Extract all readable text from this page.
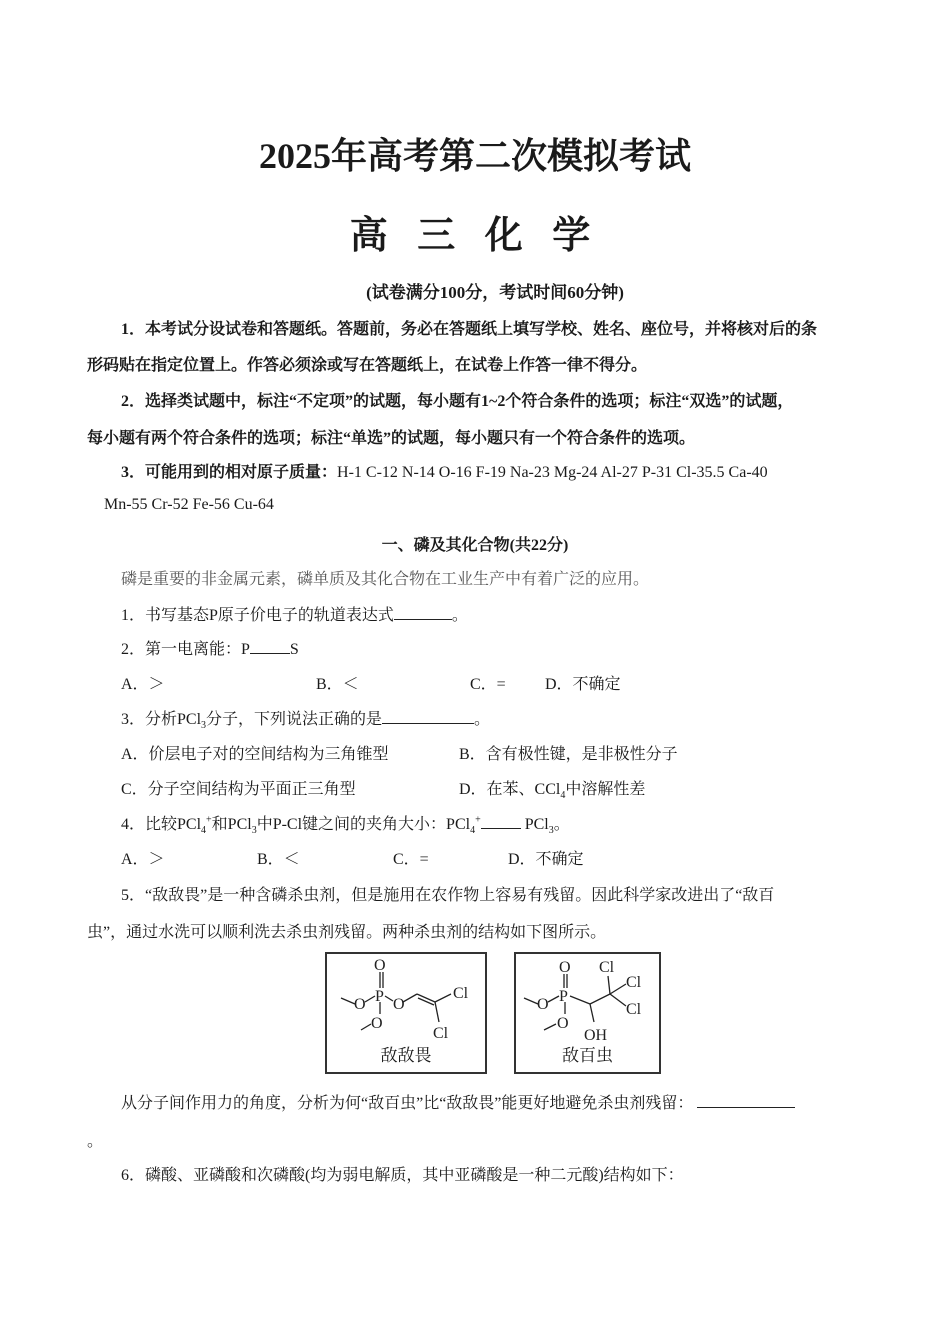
2025年高考第二次模拟考试
高 三 化 学
(试卷满分100分，考试时间60分钟)
1．本考试分设试卷和答题纸。答题前，务必在答题纸上填写学校、姓名、座位号，并将核对后的条
形码贴在指定位置上。作答必须涂或写在答题纸上，在试卷上作答一律不得分。
2．选择类试题中，标注“不定项”的试题，每小题有1~2个符合条件的选项；标注“双选”的试题，
每小题有两个符合条件的选项；标注“单选”的试题，每小题只有一个符合条件的选项。
3．可能用到的相对原子质量：H-1 C-12 N-14 O-16 F-19 Na-23 Mg-24 Al-27 P-31 Cl-35.5 Ca-40
Mn-55 Cr-52 Fe-56 Cu-64
一、磷及其化合物(共22分)
磷是重要的非金属元素，磷单质及其化合物在工业生产中有着广泛的应用。
1．书写基态P原子价电子的轨道表达式	。
2．第一电离能：P	S
A．＞	B．＜	C．= D．不确定
3．分析PCl$_3$分子，下列说法正确的是	。
A．价层电子对的空间结构为三角锥型	B．含有极性键，是非极性分子
C．分子空间结构为平面正三角型	D．在苯、CCl$_4$中溶解性差
4．比较PCl$_4$+和PCl$_3$中P-Cl键之间的夹角大小：PCl$_4$+	PCl$_3$。
A．＞	B．＜	C．=	D．不确定
5．“敌敌畏”是一种含磷杀虫剂，但是施用在农作物上容易有残留。因此科学家改进出了“敌百
虫”，通过水洗可以顺利洗去杀虫剂残留。两种杀虫剂的结构如下图所示。
O
P
O
O
Cl
Cl
O
敌敌畏
O
P
O
O
Cl
Cl
Cl
OH
敌百虫
从分子间作用力的角度，分析为何“敌百虫”比“敌敌畏”能更好地避免杀虫剂残留：
。
6．磷酸、亚磷酸和次磷酸(均为弱电解质，其中亚磷酸是一种二元酸)结构如下：
